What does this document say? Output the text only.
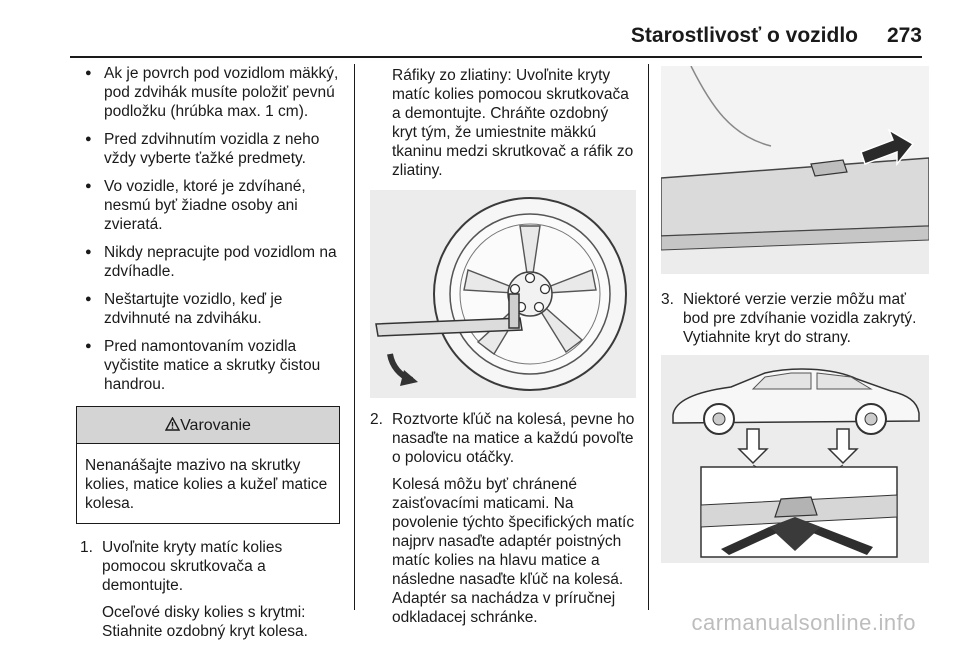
Starostlivosť o vozidlo 273
● Ak je povrch pod vozidlom mäkký, pod zdvihák musíte položiť pevnú podložku (hrúbka max. 1 cm).
● Pred zdvihnutím vozidla z neho vždy vyberte ťažké predmety.
● Vo vozidle, ktoré je zdvíhané, nesmú byť žiadne osoby ani zvieratá.
● Nikdy nepracujte pod vozidlom na zdvíhadle.
● Neštartujte vozidlo, keď je zdvihnuté na zdviháku.
● Pred namontovaním vozidla vyčistite matice a skrutky čistou handrou.
Varovanie
Nenanášajte mazivo na skrutky kolies, matice kolies a kužeľ matice kolesa.
1. Uvoľnite kryty matíc kolies pomocou skrutkovača a demontujte.

Oceľové disky kolies s krytmi: Stiahnite ozdobný kryt kolesa.

Ráfiky zo zliatiny: Uvoľnite kryty matíc kolies pomocou skrutkovača a demontujte. Chráňte ozdobný kryt tým, že umiestnite mäkkú tkaninu medzi skrutkovač a ráfik zo zliatiny.

2. Roztvorte kľúč na kolesá, pevne ho nasaďte na matice a každú povoľte o polovicu otáčky.

Kolesá môžu byť chránené zaisťovacími maticami. Na povolenie týchto špecifických matíc najprv nasaďte adaptér poistných matíc kolies na hlavu matice a následne nasaďte kľúč na kolesá. Adaptér sa nachádza v príručnej odkladacej schránke.

3. Niektoré verzie verzie môžu mať bod pre zdvíhanie vozidla zakrytý. Vytiahnite kryt do strany.

carmanualsonline.info
